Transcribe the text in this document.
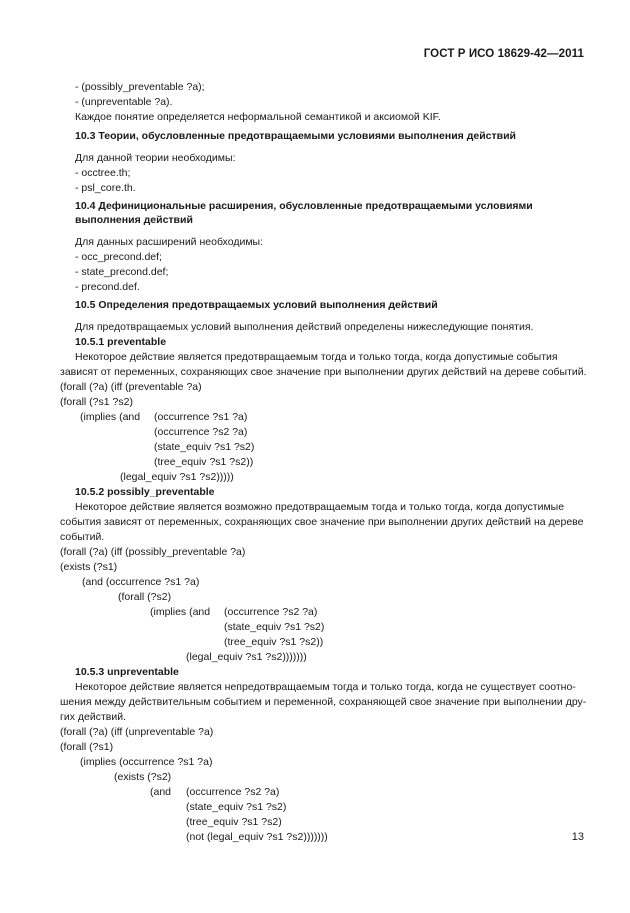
ГОСТ Р ИСО 18629-42—2011
- (possibly_preventable ?a);
- (unpreventable ?a).
Каждое понятие определяется неформальной семантикой и аксиомой KIF.
10.3 Теории, обусловленные предотвращаемыми условиями выполнения действий
Для данной теории необходимы:
- occtree.th;
- psl_core.th.
10.4 Дефинициональные расширения, обусловленные предотвращаемыми условиями
выполнения действий
Для данных расширений необходимы:
- occ_precond.def;
- state_precond.def;
- precond.def.
10.5 Определения предотвращаемых условий выполнения действий
Для предотвращаемых условий выполнения действий определены нижеследующие понятия.
10.5.1 preventable
Некоторое действие является предотвращаемым тогда и только тогда, когда допустимые события
зависят от переменных, сохраняющих свое значение при выполнении других действий на дереве событий.
(forall (?a) (iff (preventable ?a)
(forall (?s1 ?s2)
(implies (and (occurrence ?s1 ?a)
(occurrence ?s2 ?a)
(state_equiv ?s1 ?s2)
(tree_equiv ?s1 ?s2))
(legal_equiv ?s1 ?s2)))))
10.5.2 possibly_preventable
Некоторое действие является возможно предотвращаемым тогда и только тогда, когда допустимые
события зависят от переменных, сохраняющих свое значение при выполнении других действий на дереве
событий.
(forall (?a) (iff (possibly_preventable ?a)
(exists (?s1)
(and (occurrence ?s1 ?a)
(forall (?s2)
(implies (and (occurrence ?s2 ?a)
(state_equiv ?s1 ?s2)
(tree_equiv ?s1 ?s2))
(legal_equiv ?s1 ?s2)))))))
10.5.3 unpreventable
Некоторое действие является непредотвращаемым тогда и только тогда, когда не существует соотно-
шения между действительным событием и переменной, сохраняющей свое значение при выполнении дру-
гих действий.
(forall (?a) (iff (unpreventable ?a)
(forall (?s1)
(implies (occurrence ?s1 ?a)
(exists (?s2)
(and (occurrence ?s2 ?a)
(state_equiv ?s1 ?s2)
(tree_equiv ?s1 ?s2)
(not (legal_equiv ?s1 ?s2)))))))	13
